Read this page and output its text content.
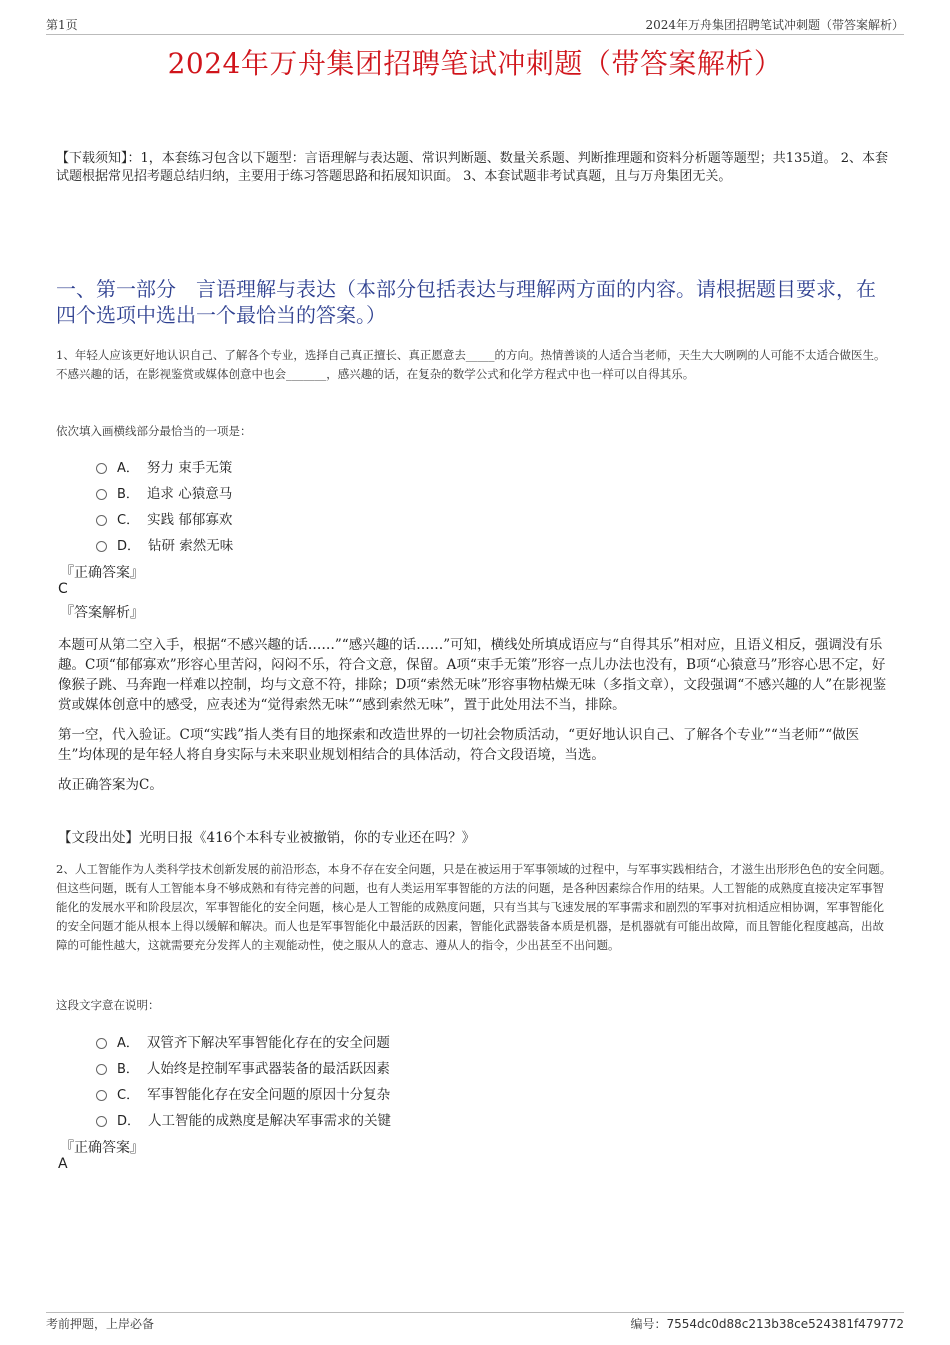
第1页	2024年万舟集团招聘笔试冲刺题（带答案解析）
2024年万舟集团招聘笔试冲刺题（带答案解析）
【下载须知】：1，本套练习包含以下题型：言语理解与表达题、常识判断题、数量关系题、判断推理题和资料分析题等题型；共135道。 2、本套试题根据常见招考题总结归纳，主要用于练习答题思路和拓展知识面。 3、本套试题非考试真题，且与万舟集团无关。
一、第一部分　言语理解与表达（本部分包括表达与理解两方面的内容。请根据题目要求，在四个选项中选出一个最恰当的答案。）
1、年轻人应该更好地认识自己、了解各个专业，选择自己真正擅长、真正愿意去_____的方向。热情善谈的人适合当老师，天生大大咧咧的人可能不太适合做医生。不感兴趣的话，在影视鉴赏或媒体创意中也会_______，感兴趣的话，在复杂的数学公式和化学方程式中也一样可以自得其乐。
依次填入画横线部分最恰当的一项是：
A． 努力 束手无策
B． 追求 心猿意马
C． 实践 郁郁寡欢
D． 钻研 索然无味
『正确答案』
C
『答案解析』

本题可从第二空入手，根据“不感兴趣的话……”“感兴趣的话……”可知，横线处所填成语应与“自得其乐”相对应，且语义相反，强调没有乐趣。C项“郁郁寡欢”形容心里苦闷，闷闷不乐，符合文意，保留。A项“束手无策”形容一点儿办法也没有，B项“心猿意马”形容心思不定，好像猴子跳、马奔跑一样难以控制，均与文意不符，排除；D项“索然无味”形容事物枯燥无味（多指文章），文段强调“不感兴趣的人”在影视鉴赏或媒体创意中的感受，应表述为“觉得索然无味”“感到索然无味”，置于此处用法不当，排除。

第一空，代入验证。C项“实践”指人类有目的地探索和改造世界的一切社会物质活动，“更好地认识自己、了解各个专业”“当老师”“做医生”均体现的是年轻人将自身实际与未来职业规划相结合的具体活动，符合文段语境，当选。

故正确答案为C。

【文段出处】光明日报《416个本科专业被撤销，你的专业还在吗？》
2、人工智能作为人类科学技术创新发展的前沿形态，本身不存在安全问题，只是在被运用于军事领域的过程中，与军事实践相结合，才滋生出形形色色的安全问题。但这些问题，既有人工智能本身不够成熟和有待完善的问题，也有人类运用军事智能的方法的问题，是各种因素综合作用的结果。人工智能的成熟度直接决定军事智能化的发展水平和阶段层次，军事智能化的安全问题，核心是人工智能的成熟度问题，只有当其与飞速发展的军事需求和剧烈的军事对抗相适应相协调，军事智能化的安全问题才能从根本上得以缓解和解决。而人也是军事智能化中最活跃的因素，智能化武器装备本质是机器，是机器就有可能出故障，而且智能化程度越高，出故障的可能性越大，这就需要充分发挥人的主观能动性，使之服从人的意志、遵从人的指令，少出甚至不出问题。
这段文字意在说明：
A． 双管齐下解决军事智能化存在的安全问题
B． 人始终是控制军事武器装备的最活跃因素
C． 军事智能化存在安全问题的原因十分复杂
D． 人工智能的成熟度是解决军事需求的关键
『正确答案』
A
考前押题，上岸必备	编号：7554dc0d88c213b38ce524381f479772
